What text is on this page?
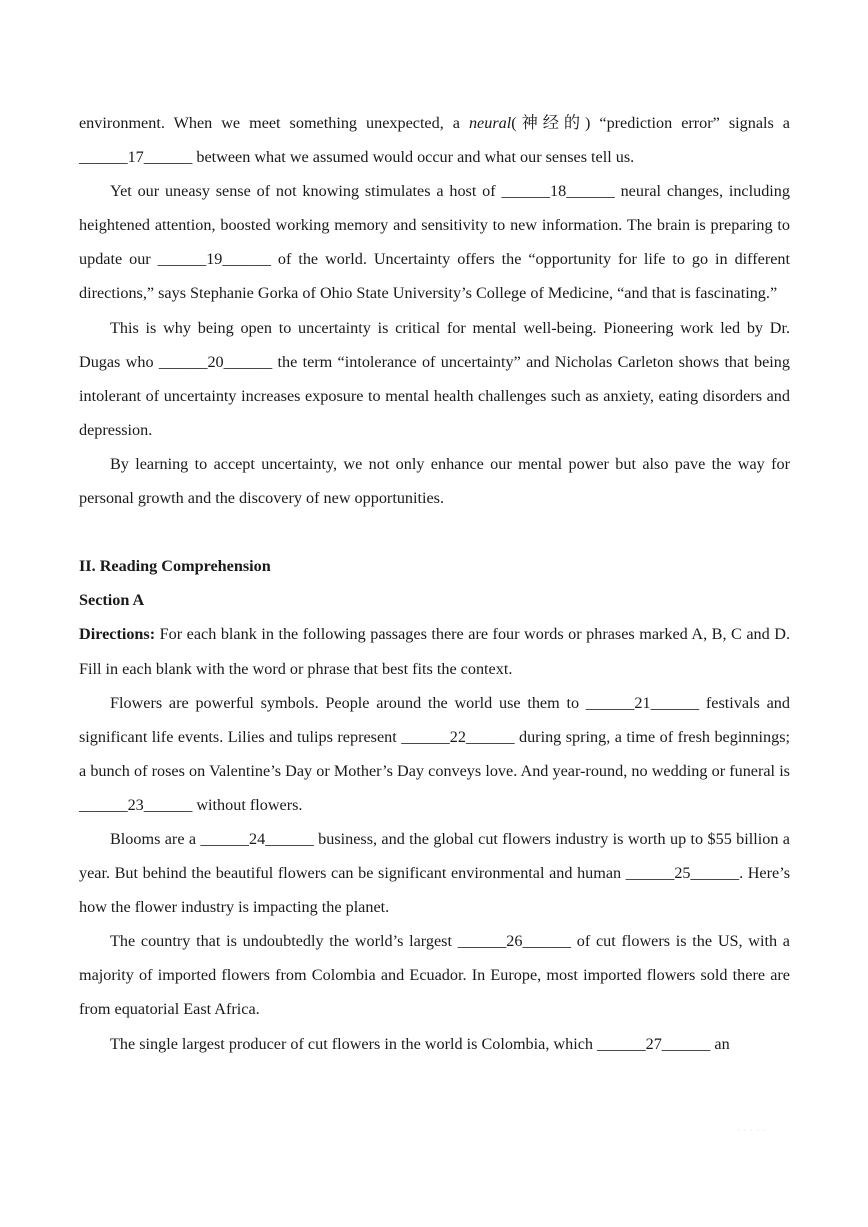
environment. When we meet something unexpected, a neural(神经的) “prediction error” signals a ______17______ between what we assumed would occur and what our senses tell us.

Yet our uneasy sense of not knowing stimulates a host of ______18______ neural changes, including heightened attention, boosted working memory and sensitivity to new information. The brain is preparing to update our ______19______ of the world. Uncertainty offers the “opportunity for life to go in different directions,” says Stephanie Gorka of Ohio State University’s College of Medicine, “and that is fascinating.”

This is why being open to uncertainty is critical for mental well-being. Pioneering work led by Dr. Dugas who ______20______ the term “intolerance of uncertainty” and Nicholas Carleton shows that being intolerant of uncertainty increases exposure to mental health challenges such as anxiety, eating disorders and depression.

By learning to accept uncertainty, we not only enhance our mental power but also pave the way for personal growth and the discovery of new opportunities.

II. Reading Comprehension

Section A

Directions: For each blank in the following passages there are four words or phrases marked A, B, C and D. Fill in each blank with the word or phrase that best fits the context.

Flowers are powerful symbols. People around the world use them to ______21______ festivals and significant life events. Lilies and tulips represent ______22______ during spring, a time of fresh beginnings; a bunch of roses on Valentine’s Day or Mother’s Day conveys love. And year-round, no wedding or funeral is ______23______ without flowers.

Blooms are a ______24______ business, and the global cut flowers industry is worth up to $55 billion a year. But behind the beautiful flowers can be significant environmental and human ______25______. Here’s how the flower industry is impacting the planet.

The country that is undoubtedly the world’s largest ______26______ of cut flowers is the US, with a majority of imported flowers from Colombia and Ecuador. In Europe, most imported flowers sold there are from equatorial East Africa.

The single largest producer of cut flowers in the world is Colombia, which ______27______ an

· · · · ·
